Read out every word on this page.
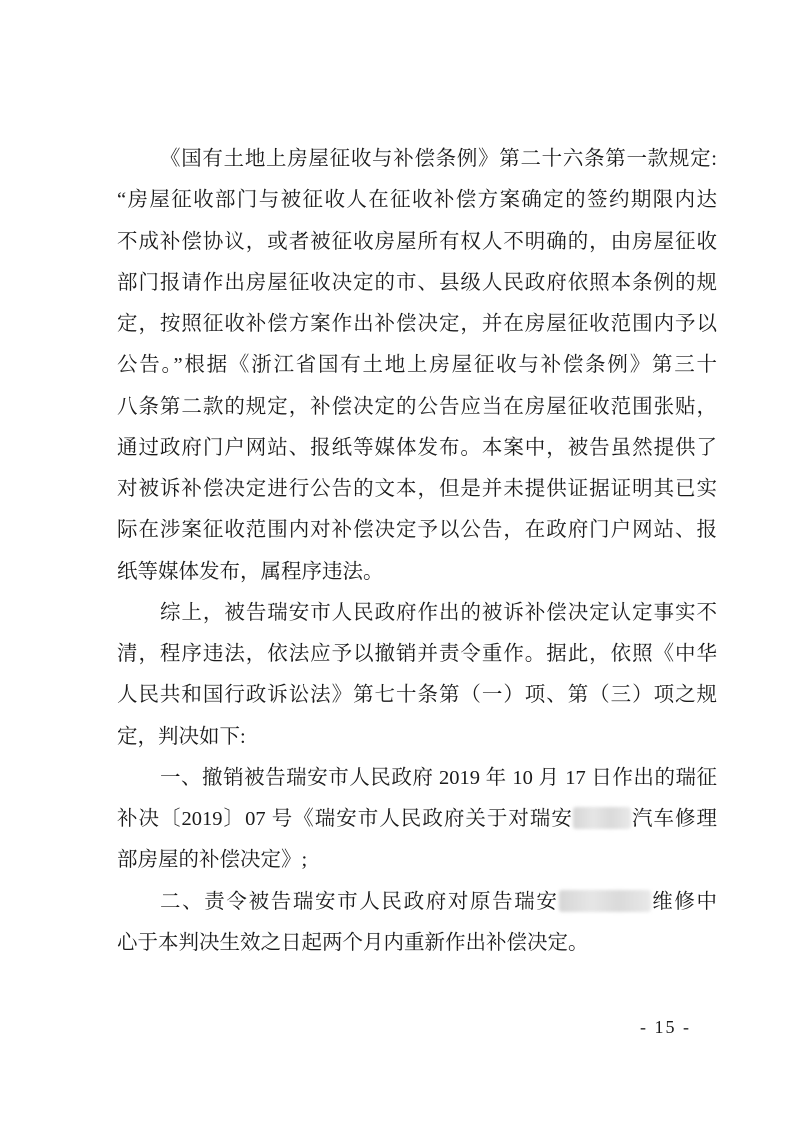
《国有土地上房屋征收与补偿条例》第二十六条第一款规定:
“房屋征收部门与被征收人在征收补偿方案确定的签约期限内达
不成补偿协议，或者被征收房屋所有权人不明确的，由房屋征收
部门报请作出房屋征收决定的市、县级人民政府依照本条例的规
定，按照征收补偿方案作出补偿决定，并在房屋征收范围内予以
公告。”根据《浙江省国有土地上房屋征收与补偿条例》第三十
八条第二款的规定，补偿决定的公告应当在房屋征收范围张贴，
通过政府门户网站、报纸等媒体发布。本案中，被告虽然提供了
对被诉补偿决定进行公告的文本，但是并未提供证据证明其已实
际在涉案征收范围内对补偿决定予以公告，在政府门户网站、报
纸等媒体发布，属程序违法。
综上，被告瑞安市人民政府作出的被诉补偿决定认定事实不
清，程序违法，依法应予以撤销并责令重作。据此，依照《中华
人民共和国行政诉讼法》第七十条第（一）项、第（三）项之规
定，判决如下:
一、撤销被告瑞安市人民政府 2019 年 10 月 17 日作出的瑞征
补决〔2019〕07 号《瑞安市人民政府关于对瑞安	汽车修理
部房屋的补偿决定》;
二、责令被告瑞安市人民政府对原告瑞安	维修中
心于本判决生效之日起两个月内重新作出补偿决定。
- 15 -
